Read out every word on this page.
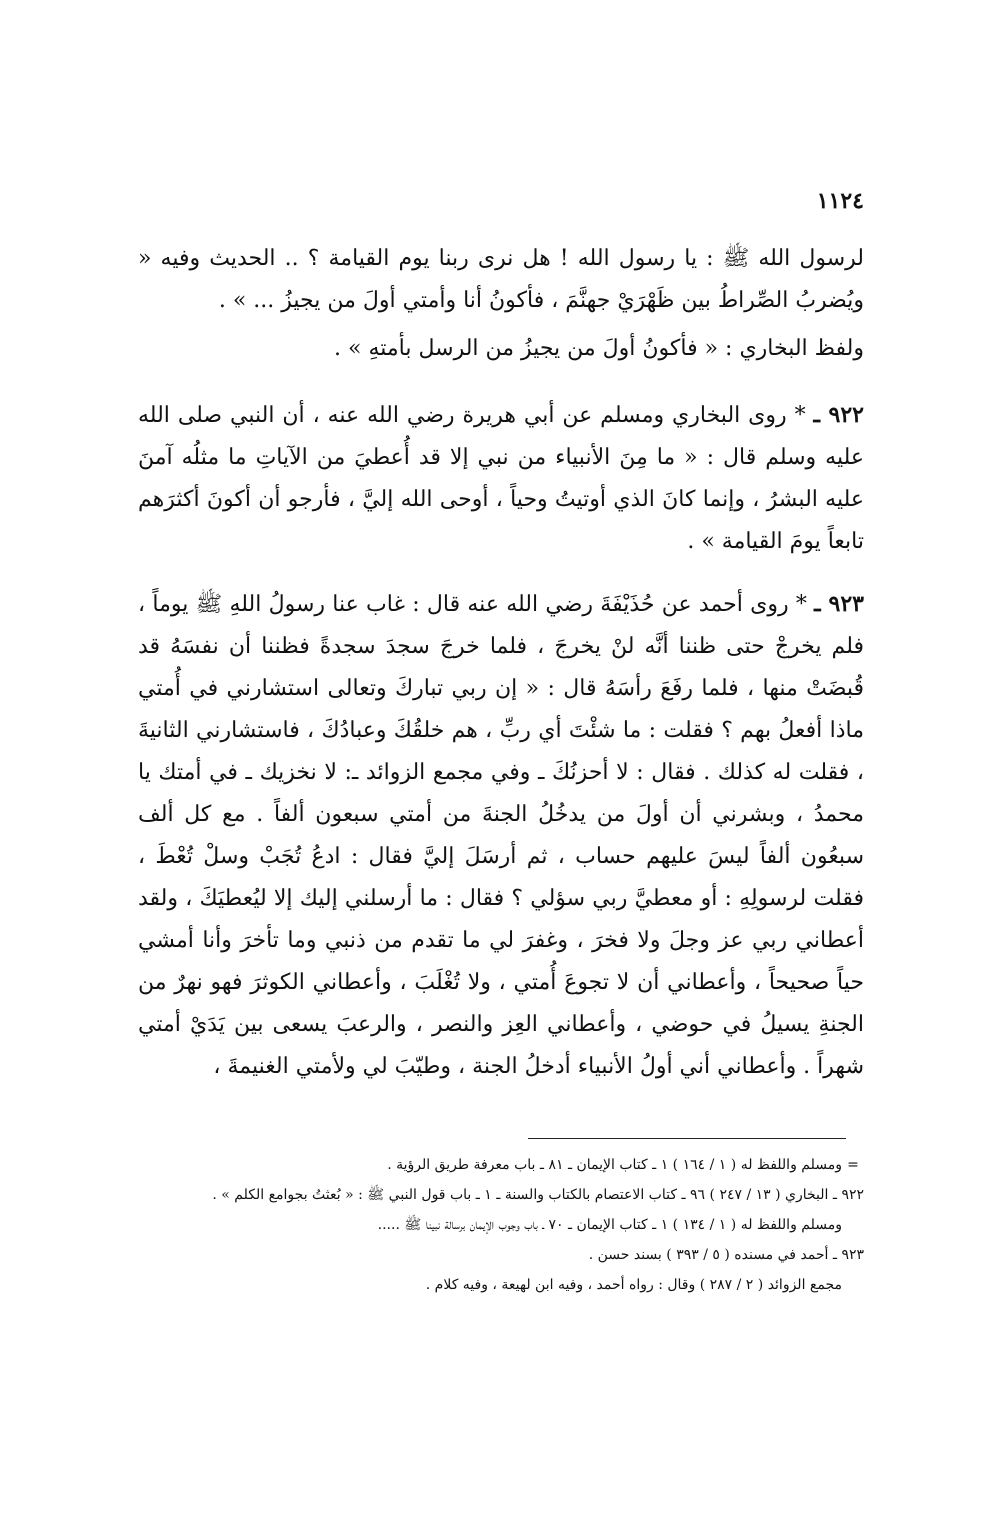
١١٢٤

لرسول الله ﷺ : يا رسول الله ! هل نرى ربنا يوم القيامة ؟ .. الحديث وفيه « ويُضربُ الصِّراطُ بين ظَهْرَيْ جهنَّمَ ، فأكونُ أنا وأمتي أولَ من يجيزُ ... » .

ولفظ البخاري : « فأكونُ أولَ من يجيزُ من الرسل بأمتهِ » .

٩٢٢ ـ * روى البخاري ومسلم عن أبي هريرة رضي الله عنه ، أن النبي صلى الله عليه وسلم قال : « ما مِنَ الأنبياء من نبي إلا قد أُعطيَ من الآياتِ ما مثلُه آمنَ عليه البشرُ ، وإنما كانَ الذي أوتيتُ وحياً ، أوحى الله إليَّ ، فأرجو أن أكونَ أكثرَهم تابعاً يومَ القيامة » .

٩٢٣ ـ * روى أحمد عن حُذَيْفَةَ رضي الله عنه قال : غاب عنا رسولُ اللهِ ﷺ يوماً ، فلم يخرجْ حتى ظننا أنَّه لنْ يخرجَ ، فلما خرجَ سجدَ سجدةً فظننا أن نفسَهُ قد قُبضَتْ منها ، فلما رفَعَ رأسَهُ قال : « إن ربي تباركَ وتعالى استشارني في أُمتي ماذا أفعلُ بهم ؟ فقلت : ما شئْتَ أي ربِّ ، هم خلقُكَ وعبادُكَ ، فاستشارني الثانيةَ ، فقلت له كذلك . فقال : لا أحزنُكَ ـ وفي مجمع الزوائد ـ: لا نخزيك ـ في أمتك يا محمدُ ، وبشرني أن أولَ من يدخُلُ الجنةَ من أمتي سبعون ألفاً . مع كل ألف سبعُون ألفاً ليسَ عليهم حساب ، ثم أرسَلَ إليَّ فقال : ادعُ تُجَبْ وسلْ تُعْطَ ، فقلت لرسولِهِ : أو معطيَّ ربي سؤلي ؟ فقال : ما أرسلني إليك إلا ليُعطيَكَ ، ولقد أعطاني ربي عز وجلَ ولا فخرَ ، وغفرَ لي ما تقدم من ذنبي وما تأخرَ وأنا أمشي حياً صحيحاً ، وأعطاني أن لا تجوعَ أُمتي ، ولا تُغْلَبَ ، وأعطاني الكوثرَ فهو نهرٌ من الجنةِ يسيلُ في حوضي ، وأعطاني العِز والنصر ، والرعبَ يسعى بين يَدَيْ أمتي شهراً . وأعطاني أني أولُ الأنبياء أدخلُ الجنة ، وطيّبَ لي ولأمتي الغنيمةَ ،

=ومسلم واللفظ له ( ١ / ١٦٤ ) ١ ـ كتاب الإيمان ـ ٨١ ـ باب معرفة طريق الرؤية .

٩٢٢ ـ البخاري ( ١٣ / ٢٤٧ ) ٩٦ ـ كتاب الاعتصام بالكتاب والسنة ـ ١ ـ باب قول النبي ﷺ : « بُعثتُ بجوامع الكلم » .

ومسلم واللفظ له ( ١ / ١٣٤ ) ١ ـ كتاب الإيمان ـ ٧٠ ـ باب وجوب الإيمان برسالة نبينا ﷺ .....

٩٢٣ ـ أحمد في مسنده ( ٥ / ٣٩٣ ) بسند حسن .

مجمع الزوائد ( ٢ / ٢٨٧ ) وقال : رواه أحمد ، وفيه ابن لهيعة ، وفيه كلام .
